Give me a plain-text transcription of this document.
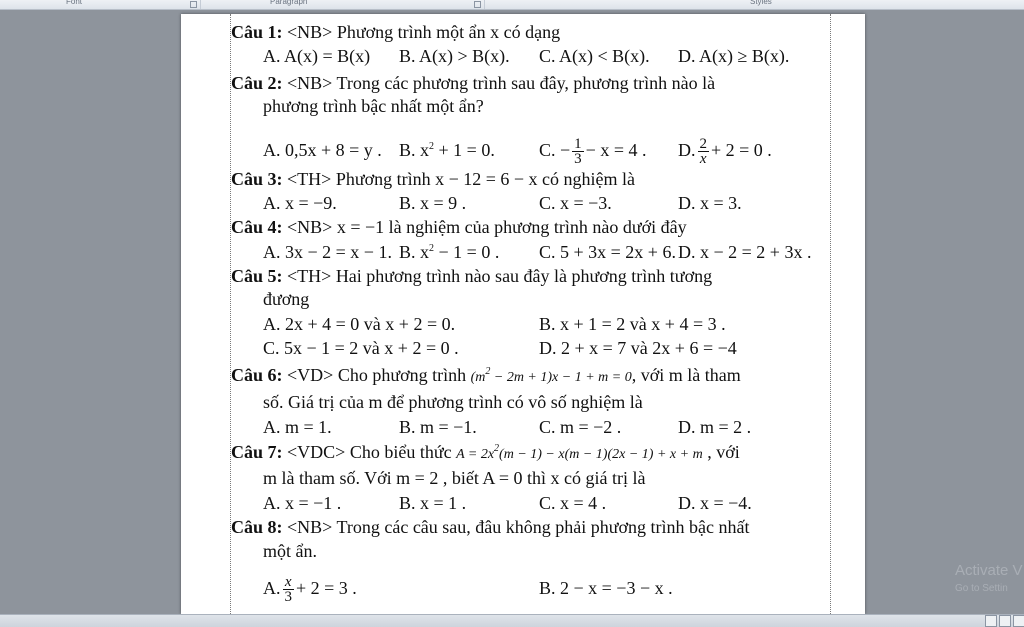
Font	Paragraph	Styles
Câu 1: <NB> Phương trình một ẩn x có dạng
A. A(x) = B(x) B. A(x) > B(x). C. A(x) < B(x). D. A(x) ≥ B(x).
Câu 2: <NB> Trong các phương trình sau đây, phương trình nào là
phương trình bậc nhất một ẩn?
A. 0,5x + 8 = y . B. $x^2 + 1 = 0$. C. − $\frac{1}{3} - x = 4$ . D. $\frac{2}{x} + 2 = 0$ .
Câu 3: <TH> Phương trình x − 12 = 6 − x có nghiệm là
A. x = −9.	B. x = 9 .	C. x = −3.	D. x = 3.
Câu 4: <NB> x = −1 là nghiệm của phương trình nào dưới đây
A. 3x − 2 = x − 1. B. $x^2 - 1 = 0$ . C. 5 + 3x = 2x + 6. D. x − 2 = 2 + 3x .
Câu 5: <TH> Hai phương trình nào sau đây là phương trình tương
đương
A. 2x + 4 = 0 và x + 2 = 0.	B. x + 1 = 2 và x + 4 = 3 .
C. 5x − 1 = 2 và x + 2 = 0 .	D. 2 + x = 7 và 2x + 6 = −4
Câu 6: <VD> Cho phương trình $(m^2 - 2m + 1)x - 1 + m = 0$, với m là tham
số. Giá trị của m để phương trình có vô số nghiệm là
A. m = 1.	B. m = −1.	C. m = −2 .	D. m = 2 .
Câu 7: <VDC> Cho biểu thức $A = 2x^2(m - 1) - x(m - 1)(2x - 1) + x + m$ , với
m là tham số. Với m = 2 , biết A = 0 thì x có giá trị là
A. x = −1 .	B. x = 1 .	C. x = 4 .	D. x = −4.
Câu 8: <NB> Trong các câu sau, đâu không phải phương trình bậc nhất
một ẩn.
A. $\frac{x}{3} + 2 = 3$ .	B. 2 − x = −3 − x .
Activate V
Go to Settin
